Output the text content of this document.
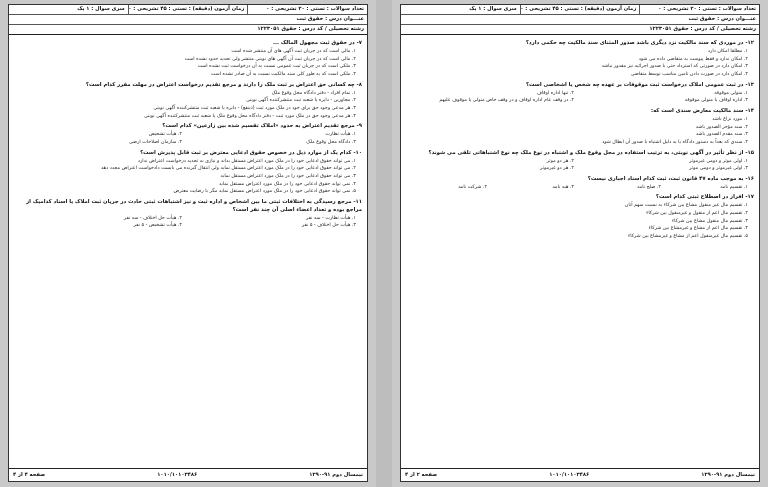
تعداد سوالات : تستی : ۲۰ تشریحی : ۰
زمان آزمون (دقیقه) : تستی : ۴۵ تشریحی : ۰
سری سوال : ۱ یک
عنـــوان درس : حقوق ثبت
رشته تحصیلی / کد درس : حقوق ۱۲۲۳۰۵۱
۷- در حقوق ثبت مجهول المالک ...
۱. مالی است که در جریان ثبت آگهی های آن منتشر شده است
۲. مالی است که در جریان ثبت آن آگهی های نوبتی منتشر ولی تحدید حدود نشده است
۳. ملکی است که در جریان ثبت عمومی نسبت به آن درخواست ثبت نشده است
۴. ملکی است که به طور کلی سند مالکیت نسبت به آن صادر نشده است
۸- چه کسانی حق اعتراض بر ثبت ملک را دارند و مرجع تقدیم درخواست اعتراض در مهلت مقرر کدام است؟
۱. تمام افراد - دفتر دادگاه محل وقوع ملک
۲. مجاورین - دایره یا شعبه ثبت منتشرکننده آگهی نوبتی
۳. هر مدعی وجود حق برای خود در ملک مورد ثبت (ذینفع) - دایره یا شعبه ثبت منتشرکننده آگهی نوبتی
۴. هر مدعی وجود حق در ملک مورد ثبت - دفتر دادگاه محل وقوع ملک یا شعبه ثبت منتشرکننده آگهی نوبتی
۹- مرجع تقدیم اعتراض به حدود «املاک تقسیم شده بین زارعین» کدام است؟
۱. هیأت نظارت
۲. هیأت تشخیص
۳. دادگاه محل وقوع ملک
۴. سازمان اصلاحات ارضی
۱۰- کدام یک از موارد ذیل در خصوص حقوق ادعایی معترض بر ثبت قابل پذیرش است؟
۱. می تواند حقوق ادعایی خود را در ملک مورد اعتراض مستقل بداند و نیازی به تحدید درخواست اعتراض ندارد
۲. می تواند حقوق ادعایی خود را در ملک مورد اعتراض مستقل نماید ولی انتقال گیرنده می بایست دادخواست اعتراض مجدد دهد
۳. می تواند حقوق ادعایی خود را در ملک مورد اعتراض مستقل نماید
۴. نمی تواند حقوق ادعایی خود را در ملک مورد اعتراض مستقل نماید
۵. نمی تواند حقوق ادعایی خود را در ملک مورد اعتراض مستقل نماید مگر با رضایت معترض
۱۱- مرجع رسیدگی به اختلافات ثبتی ما بین اشخاص و اداره ثبت و نیز اشتباهات ثبتی حادث در جریان ثبت املاک یا اسناد کدامیک از مراجع بوده و تعداد اعضاء اصلی آن چند نفر است؟
۱. هیأت نظارت - سه نفر
۲. هیأت حل اختلاف - سه نفر
۳. هیأت حل اختلاف - ۵ نفر
۴. هیأت تشخیص - ۵ نفر
نیمسال دوم ۹۱-۱۳۹۰
۱۰۱۰/۱۰۱۰۳۴۸۶
صفحه ۴ از ۴
تعداد سوالات : تستی : ۲۰ تشریحی : ۰
زمان آزمون (دقیقه) : تستی : ۴۵ تشریحی : ۰
سری سوال : ۱ یک
عنـــوان درس : حقوق ثبت
رشته تحصیلی / کد درس : حقوق ۱۲۲۳۰۵۱
۱۲- در موردی که سند مالکیت نزد دیگری باشد صدور المثنای سند مالکیت چه حکمی دارد؟
۱. مطلقا امکان دارد
۲. امکان ندارد و فقط پیوست به متقاضی داده می شود
۳. امکان دارد در صورتی که استرداد حتی با صدور اجرائیه نیز مقدور نباشد
۴. امکان دارد در صورت دادن تامین مناسب توسط متقاضی
۱۳- در ثبت عمومی املاک درخواست ثبت موقوفات بر عهده چه شخص یا اشخاصی است؟
۱. متولی موقوفه
۲. تنها اداره اوقاف
۳. اداره اوقاف یا متولی موقوفه
۴. در وقف عام اداره اوقاف و در وقف خاص متولی یا موقوف علیهم
۱۴- سند مالکیت معارض سندی است که:
۱. مورد نزاع باشد
۲. سند مؤخر الصدور باشد
۳. سند مقدم الصدور باشد
۴. سندی که بعداً به دستور دادگاه یا به دلیل اشتباه با صدور آن ابطال شود
۱۵- از نظر تأثیر در آگهی نوبتی، به ترتیب استفاده در محل وقوع ملک و اشتباه در نوع ملک چه نوع اشتباهاتی تلقی می شوند؟
۱. اولی موثر و دومی غیرموثر
۲. هر دو موثر
۳. اولی غیرموثر و دومی موثر
۴. هر دو غیرموثر
۱۶- به موجب ماده ۴۷ قانون ثبت، ثبت کدام اسناد اجباری نیست؟
۱. تقسیم نامه
۲. صلح نامه
۳. هبه نامه
۴. شرکت نامه
۱۷- افراز در اصطلاح ثبتی کدام است؟
۱. تقسیم مال غیر منقول مشاع بین شرکاء به نسبت سهم آنان
۲. تقسیم مال اعم از منقول و غیرمنقول بین شرکاء
۳. تقسیم مال منقول مشاع بین شرکاء
۴. تقسیم مال اعم از مشاع و غیرمشاع بین شرکاء
۵. تقسیم مال غیرمنقول اعم از مشاع و غیرمشاع بین شرکاء
نیمسال دوم ۹۱-۱۳۹۰
۱۰۱۰/۱۰۱۰۳۴۸۶
صفحه ۲ از ۴
